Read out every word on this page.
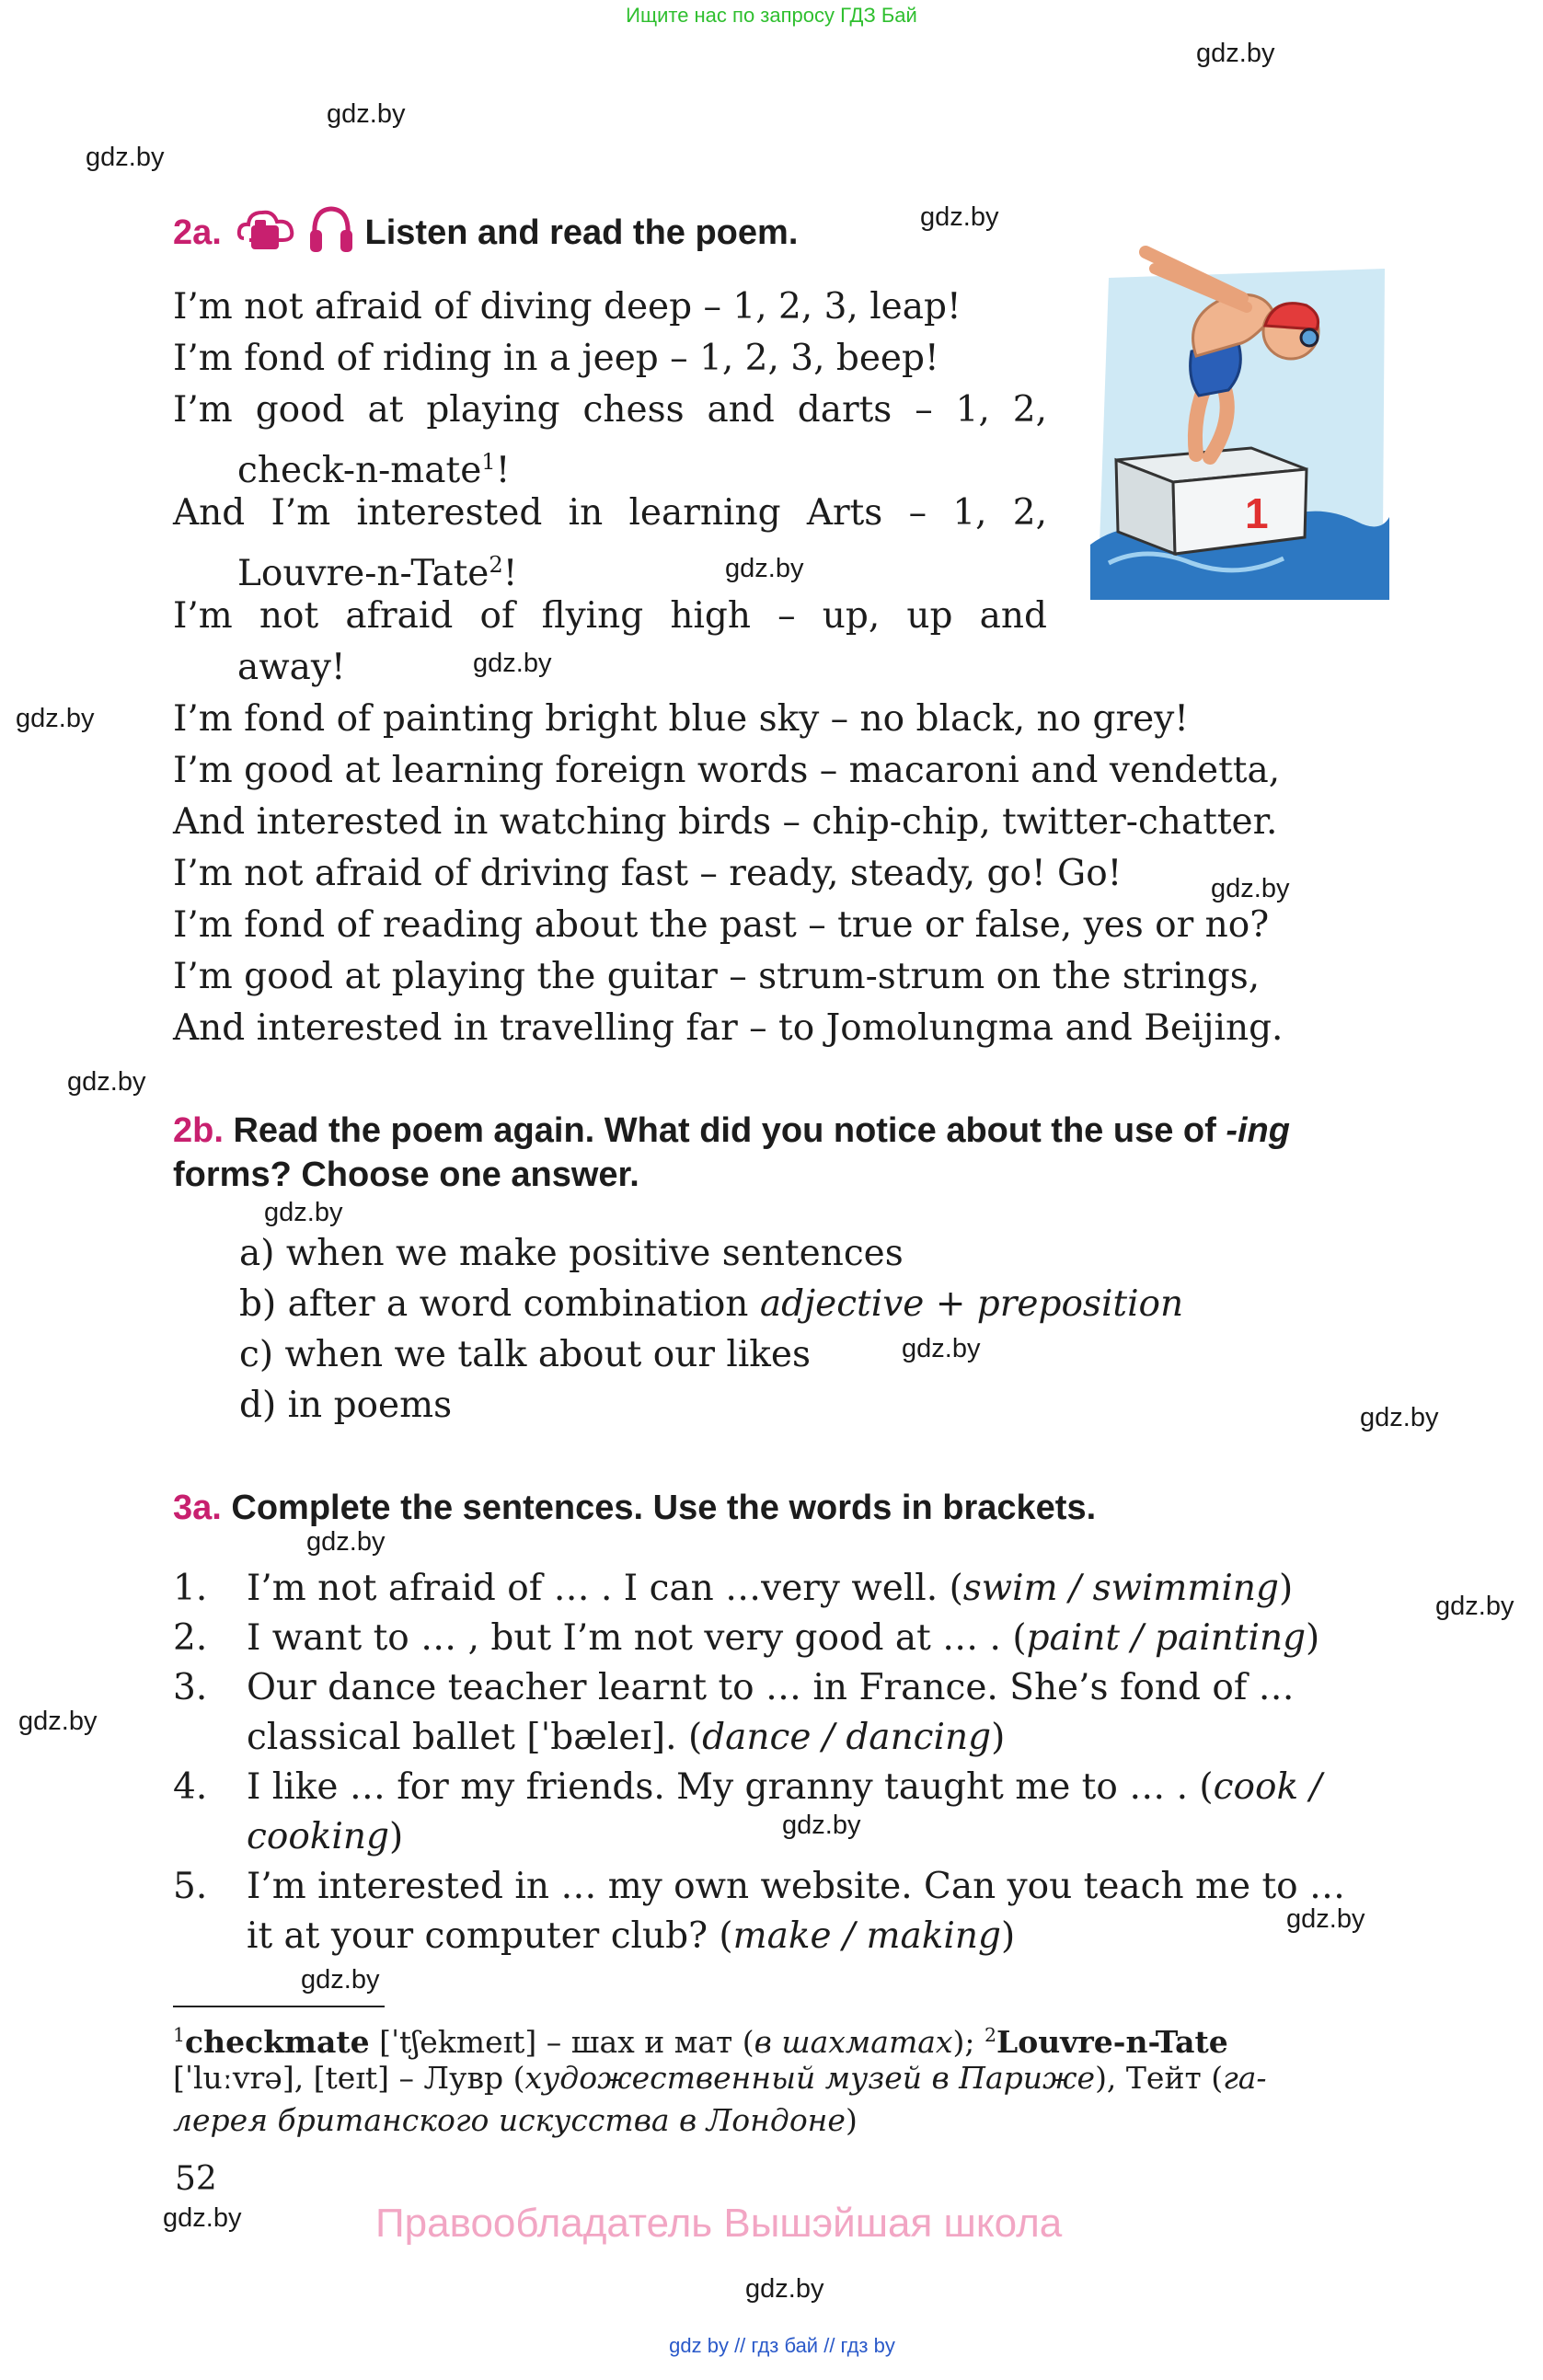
Ищите нас по запросу ГДЗ Бай
gdz.by
gdz.by
gdz.by
gdz.by
gdz.by
gdz.by
gdz.by
gdz.by
gdz.by
gdz.by
gdz.by
gdz.by
gdz.by
gdz.by
gdz.by
gdz.by
gdz.by
gdz.by
gdz.by
gdz.by
2a.	Listen and read the poem.
1
I’m not afraid of diving deep – 1, 2, 3, leap!
I’m fond of riding in a jeep – 1, 2, 3, beep!
I’m good at playing chess and darts – 1, 2,
check-n-mate$^1$!
And I’m interested in learning Arts – 1, 2,
Louvre-n-Tate$^2$!
I’m not afraid of flying high – up, up and
away!
I’m fond of painting bright blue sky – no black, no grey!
I’m good at learning foreign words – macaroni and vendetta,
And interested in watching birds – chip-chip, twitter-chatter.
I’m not afraid of driving fast – ready, steady, go! Go!
I’m fond of reading about the past – true or false, yes or no?
I’m good at playing the guitar – strum-strum on the strings,
And interested in travelling far – to Jomolungma and Beijing.
2b. Read the poem again. What did you notice about the use of -ing
forms? Choose one answer.
a) when we make positive sentences
b) after a word combination adjective + preposition
c) when we talk about our likes
d) in poems
3a. Complete the sentences. Use the words in brackets.
1. I’m not afraid of … . I can …very well. (swim / swimming)
2. I want to … , but I’m not very good at … . (paint / painting)
3. Our dance teacher learnt to … in France. She’s fond of …
classical ballet [ˈbæleɪ]. (dance / dancing)
4. I like … for my friends. My granny taught me to … . (cook /
cooking)
5. I’m interested in … my own website. Can you teach me to …
it at your computer club? (make / making)
$^1$checkmate [ˈtʃekmeɪt] – шах и мат (в шахматах); $^2$Louvre-n-Tate
[ˈluːvrə], [teɪt] – Лувр (художественный музей в Париже), Тейт (га-
лерея британского искусства в Лондоне)
52
Правообладатель Вышэйшая школа
gdz by // гдз бай // гдз by
